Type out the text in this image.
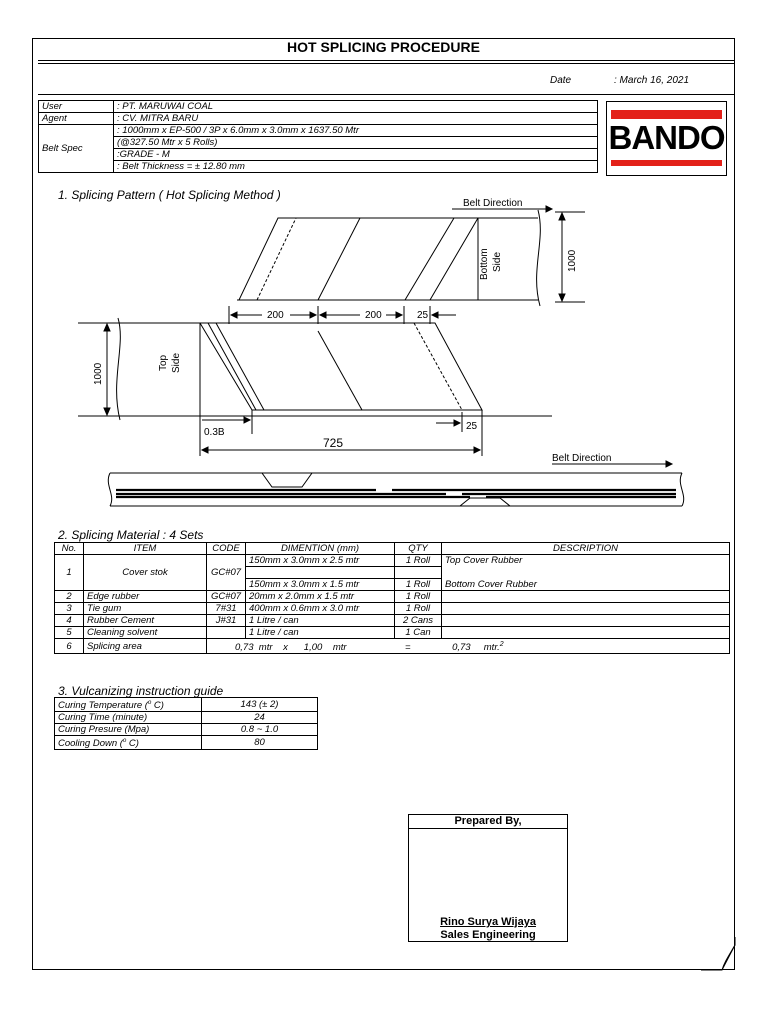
HOT SPLICING PROCEDURE
Date	: March 16, 2021
User	: PT. MARUWAI COAL
Agent	: CV. MITRA BARU
Belt Spec	: 1000mm x EP-500 / 3P x 6.0mm x 3.0mm x 1637.50 Mtr
	(@327.50 Mtr x 5 Rolls)
	:GRADE - M
	: Belt Thickness = ± 12.80 mm
BANDO
1. Splicing Pattern ( Hot Splicing Method )
Belt Direction
Belt Direction
200	200	25
0.3B
25
725
1000
1000
Bottom Side
Top Side
2. Splicing Material : 4 Sets
No.	ITEM	CODE	DIMENTION (mm)	QTY	DESCRIPTION
1	Cover stok	GC#07	150mm x 3.0mm x 2.5 mtr	1 Roll	Top Cover Rubber

			150mm x 3.0mm x 1.5 mtr	1 Roll	Bottom Cover Rubber
2	Edge rubber	GC#07	20mm x 2.0mm x 1.5 mtr	1 Roll	
3	Tie gum	7#31	400mm x 0.6mm x 3.0 mtr	1 Roll	
4	Rubber Cement	J#31	1 Litre / can	2 Cans	
5	Cleaning solvent		1 Litre / can	1 Can	
6	Splicing area	0,73 mtr x 1,00 mtr = 0,73 mtr.$^2$
3. Vulcanizing instruction guide
Curing Temperature ($^o$ C)	143 (± 2)
Curing Time (minute)	24
Curing Presure (Mpa)	0.8 ~ 1.0
Cooling Down ($^o$ C)	80
Prepared By,
Rino Surya Wijaya
Sales Engineering
